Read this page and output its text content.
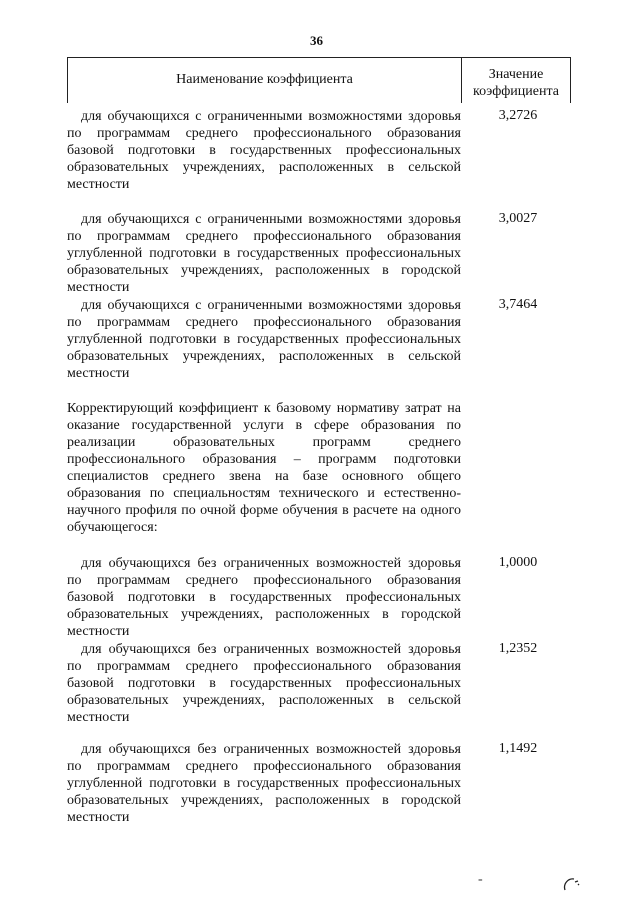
36
Наименование коэффициента	Значение
коэффициента
для обучающихся с ограниченными возможностями здоровья по программам среднего профессионального образования базовой подготовки в государственных профессиональных образовательных учреждениях, расположенных в сельской местности
3,2726
для обучающихся с ограниченными возможностями здоровья по программам среднего профессионального образования углубленной подготовки в государственных профессиональных образовательных учреждениях, расположенных в городской местности
3,0027
для обучающихся с ограниченными возможностями здоровья по программам среднего профессионального образования углубленной подготовки в государственных профессиональных образовательных учреждениях, расположенных в сельской местности
3,7464
Корректирующий коэффициент к базовому нормативу затрат на оказание государственной услуги в сфере образования по реализации образовательных программ среднего профессионального образования – программ подготовки специалистов среднего звена на базе основного общего образования по специальностям технического и естественно-научного профиля по очной форме обучения в расчете на одного обучающегося:
для обучающихся без ограниченных возможностей здоровья по программам среднего профессионального образования базовой подготовки в государственных профессиональных образовательных учреждениях, расположенных в городской местности
1,0000
для обучающихся без ограниченных возможностей здоровья по программам среднего профессионального образования базовой подготовки в государственных профессиональных образовательных учреждениях, расположенных в сельской местности
1,2352
для обучающихся без ограниченных возможностей здоровья по программам среднего профессионального образования углубленной подготовки в государственных профессиональных образовательных учреждениях, расположенных в городской местности
1,1492
-
